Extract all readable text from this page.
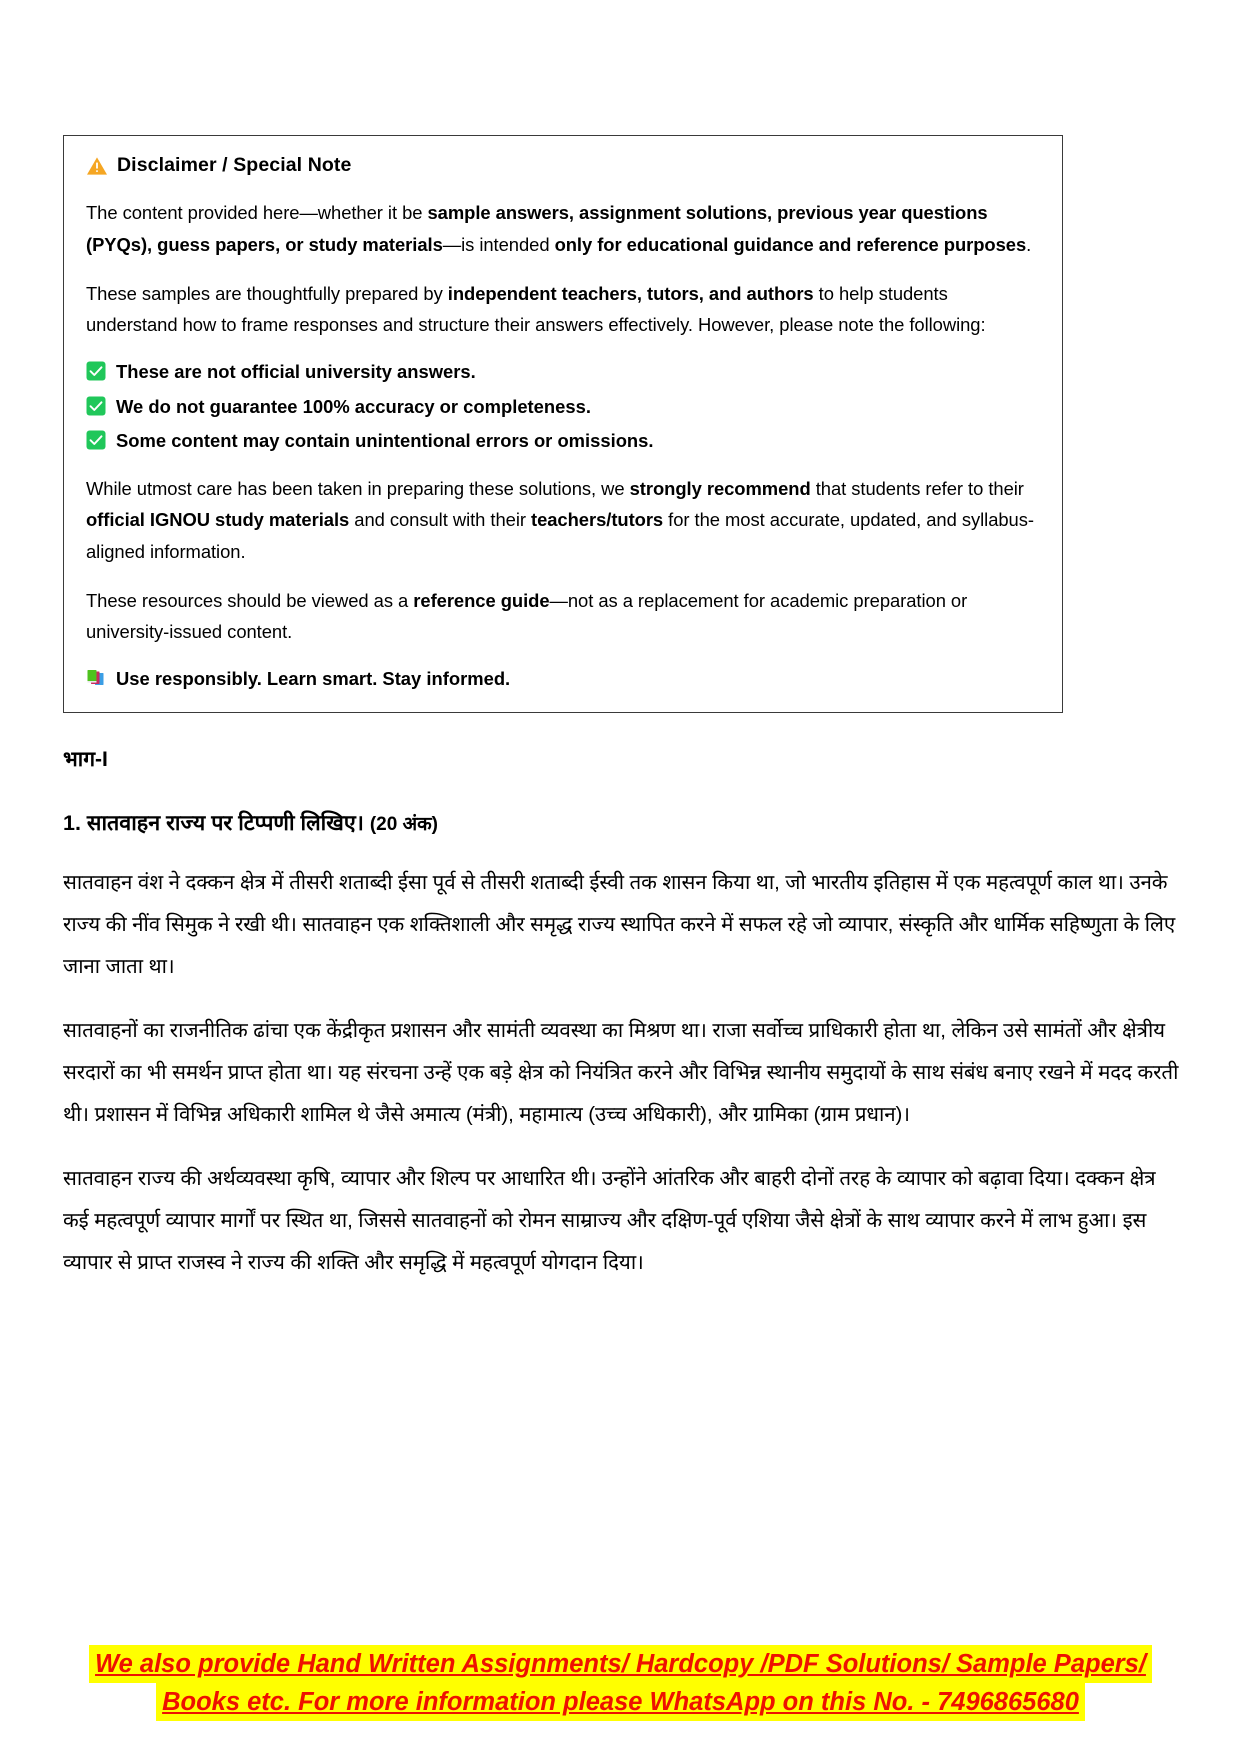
Disclaimer / Special Note

The content provided here—whether it be sample answers, assignment solutions, previous year questions (PYQs), guess papers, or study materials—is intended only for educational guidance and reference purposes.

These samples are thoughtfully prepared by independent teachers, tutors, and authors to help students understand how to frame responses and structure their answers effectively. However, please note the following:

These are not official university answers.
We do not guarantee 100% accuracy or completeness.
Some content may contain unintentional errors or omissions.

While utmost care has been taken in preparing these solutions, we strongly recommend that students refer to their official IGNOU study materials and consult with their teachers/tutors for the most accurate, updated, and syllabus-aligned information.

These resources should be viewed as a reference guide—not as a replacement for academic preparation or university-issued content.

Use responsibly. Learn smart. Stay informed.
भाग-I
1. सातवाहन राज्य पर टिप्पणी लिखिए। (20 अंक)

सातवाहन वंश ने दक्कन क्षेत्र में तीसरी शताब्दी ईसा पूर्व से तीसरी शताब्दी ईस्वी तक शासन किया था, जो भारतीय इतिहास में एक महत्वपूर्ण काल था। उनके राज्य की नींव सिमुक ने रखी थी। सातवाहन एक शक्तिशाली और समृद्ध राज्य स्थापित करने में सफल रहे जो व्यापार, संस्कृति और धार्मिक सहिष्णुता के लिए जाना जाता था।

सातवाहनों का राजनीतिक ढांचा एक केंद्रीकृत प्रशासन और सामंती व्यवस्था का मिश्रण था। राजा सर्वोच्च प्राधिकारी होता था, लेकिन उसे सामंतों और क्षेत्रीय सरदारों का भी समर्थन प्राप्त होता था। यह संरचना उन्हें एक बड़े क्षेत्र को नियंत्रित करने और विभिन्न स्थानीय समुदायों के साथ संबंध बनाए रखने में मदद करती थी। प्रशासन में विभिन्न अधिकारी शामिल थे जैसे अमात्य (मंत्री), महामात्य (उच्च अधिकारी), और ग्रामिका (ग्राम प्रधान)।

सातवाहन राज्य की अर्थव्यवस्था कृषि, व्यापार और शिल्प पर आधारित थी। उन्होंने आंतरिक और बाहरी दोनों तरह के व्यापार को बढ़ावा दिया। दक्कन क्षेत्र कई महत्वपूर्ण व्यापार मार्गों पर स्थित था, जिससे सातवाहनों को रोमन साम्राज्य और दक्षिण-पूर्व एशिया जैसे क्षेत्रों के साथ व्यापार करने में लाभ हुआ। इस व्यापार से प्राप्त राजस्व ने राज्य की शक्ति और समृद्धि में महत्वपूर्ण योगदान दिया।

We also provide Hand Written Assignments/ Hardcopy /PDF Solutions/ Sample Papers/
Books etc. For more information please WhatsApp on this No. - 7496865680
